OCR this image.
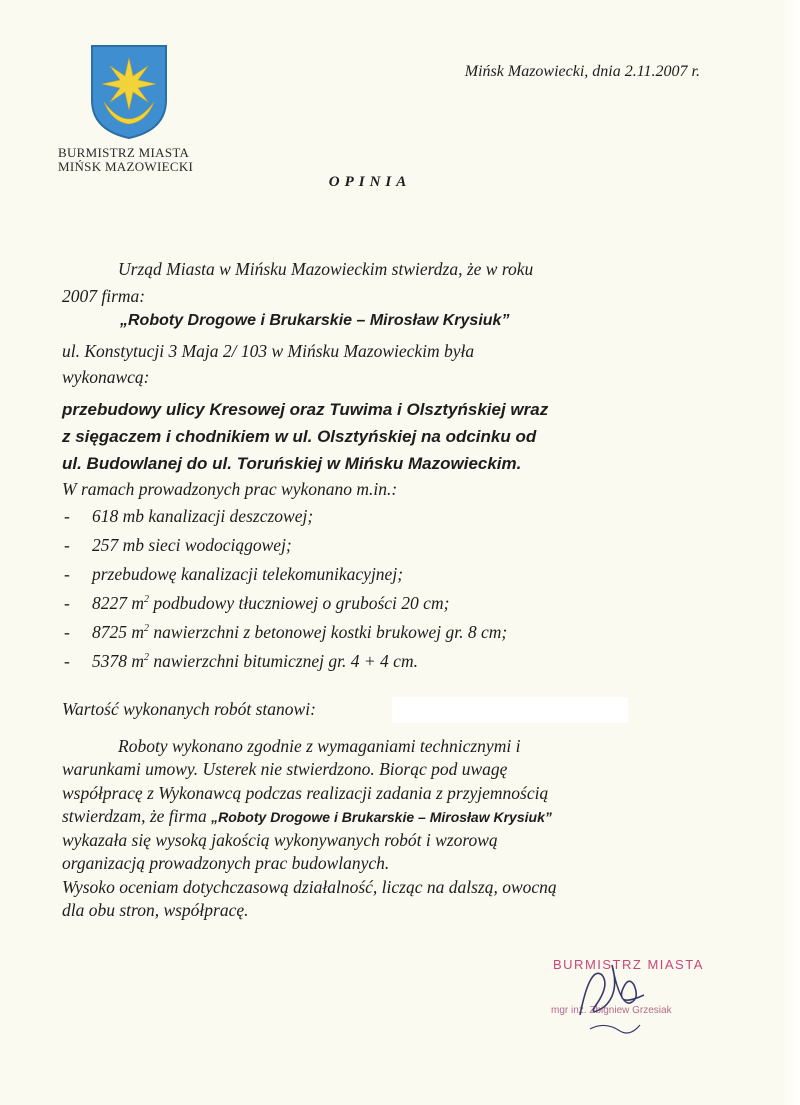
BURMISTRZ MIASTA
MIŃSK MAZOWIECKI
Mińsk Mazowiecki, dnia 2.11.2007 r.
OPINIA
Urząd Miasta w Mińsku Mazowieckim stwierdza, że w roku
2007 firma:
„Roboty Drogowe i Brukarskie – Mirosław Krysiuk”
ul. Konstytucji 3 Maja 2/ 103 w Mińsku Mazowieckim była
wykonawcą:
przebudowy ulicy Kresowej oraz Tuwima i Olsztyńskiej wraz
z sięgaczem i chodnikiem w ul. Olsztyńskiej na odcinku od
ul. Budowlanej do ul. Toruńskiej w Mińsku Mazowieckim.
W ramach prowadzonych prac wykonano m.in.:
- 618 mb kanalizacji deszczowej;
- 257 mb sieci wodociągowej;
- przebudowę kanalizacji telekomunikacyjnej;
- 8227 $m^2$ podbudowy tłuczniowej o grubości 20 cm;
- 8725 $m^2$ nawierzchni z betonowej kostki brukowej gr. 8 cm;
- 5378 $m^2$ nawierzchni bitumicznej gr. 4 + 4 cm.
Wartość wykonanych robót stanowi:
Roboty wykonano zgodnie z wymaganiami technicznymi i
warunkami umowy. Usterek nie stwierdzono. Biorąc pod uwagę
współpracę z Wykonawcą podczas realizacji zadania z przyjemnością
stwierdzam, że firma „Roboty Drogowe i Brukarskie – Mirosław Krysiuk”
wykazała się wysoką jakością wykonywanych robót i wzorową
organizacją prowadzonych prac budowlanych.
Wysoko oceniam dotychczasową działalność, licząc na dalszą, owocną
dla obu stron, współpracę.
BURMISTRZ MIASTA
mgr inż. Zbigniew Grzesiak
